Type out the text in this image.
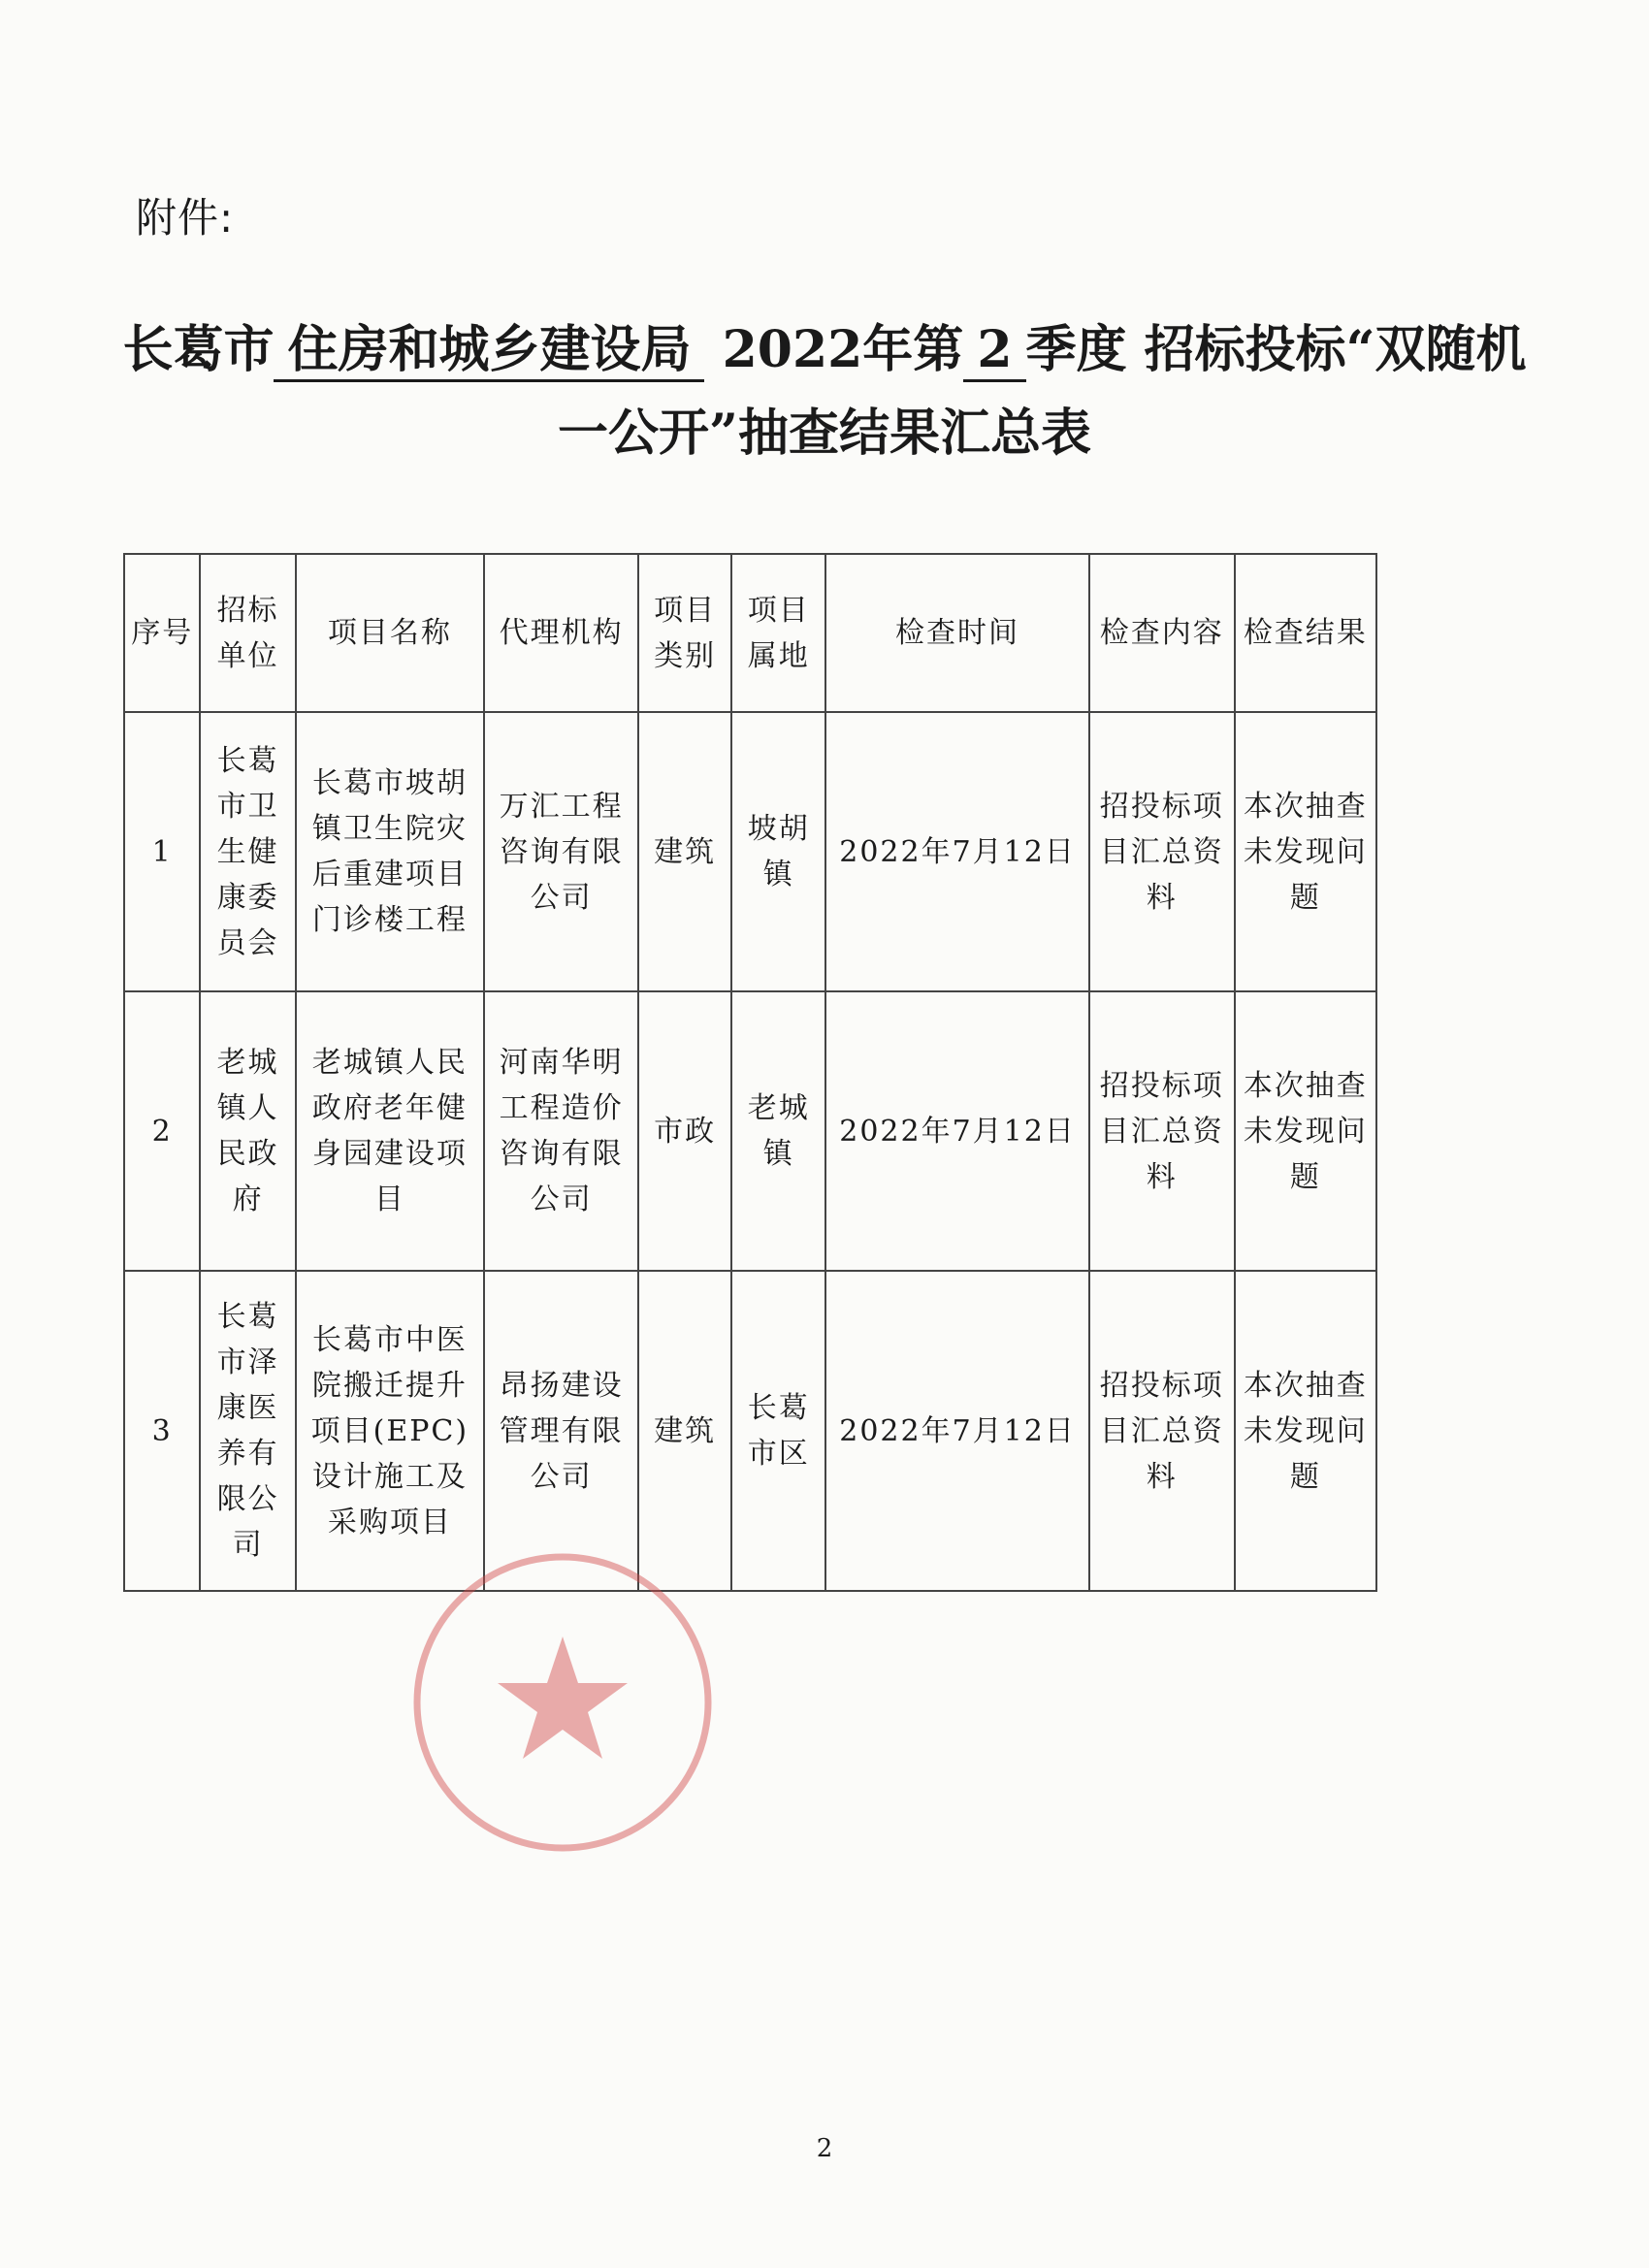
附件:
长葛市 住房和城乡建设局 2022年第 2 季度 招标投标“双随机
一公开”抽查结果汇总表
序号	招标单位	项目名称	代理机构	项目类别	项目属地	检查时间	检查内容	检查结果
1	长葛市卫生健康委员会	长葛市坡胡镇卫生院灾后重建项目门诊楼工程	万汇工程咨询有限公司	建筑	坡胡镇	2022年7月12日	招投标项目汇总资料	本次抽查未发现问题
2	老城镇人民政府	老城镇人民政府老年健身园建设项目	河南华明工程造价咨询有限公司	市政	老城镇	2022年7月12日	招投标项目汇总资料	本次抽查未发现问题
3	长葛市泽康医养有限公司	长葛市中医院搬迁提升项目(EPC)设计施工及采购项目	昂扬建设管理有限公司	建筑	长葛市区	2022年7月12日	招投标项目汇总资料	本次抽查未发现问题
2
